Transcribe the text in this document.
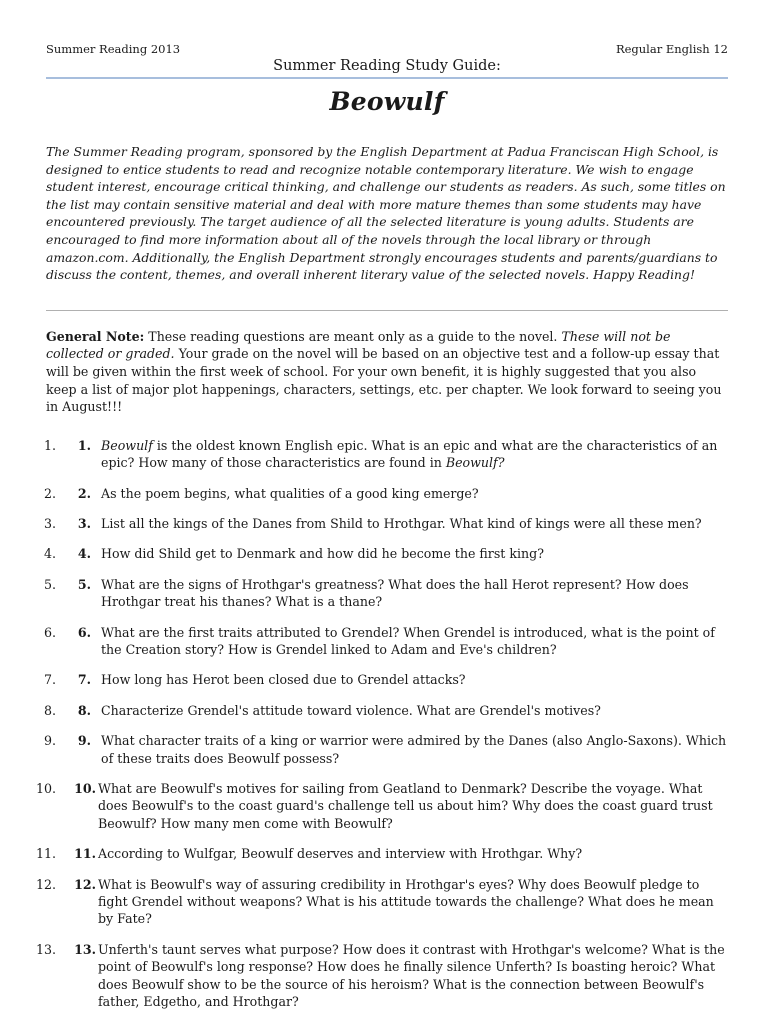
Summer Reading 2013	Regular English 12
Summer Reading Study Guide:
Beowulf

The Summer Reading program, sponsored by the English Department at Padua Franciscan High School, is designed to entice students to read and recognize notable contemporary literature. We wish to engage student interest, encourage critical thinking, and challenge our students as readers. As such, some titles on the list may contain sensitive material and deal with more mature themes than some students may have encountered previously. The target audience of all the selected literature is young adults. Students are encouraged to find more information about all of the novels through the local library or through amazon.com. Additionally, the English Department strongly encourages students and parents/guardians to discuss the content, themes, and overall inherent literary value of the selected novels. Happy Reading!

General Note: These reading questions are meant only as a guide to the novel. These will not be collected or graded. Your grade on the novel will be based on an objective test and a follow-up essay that will be given within the first week of school. For your own benefit, it is highly suggested that you also keep a list of major plot happenings, characters, settings, etc. per chapter. We look forward to seeing you in August!!!

1. 1. Beowulf is the oldest known English epic. What is an epic and what are the characteristics of an epic? How many of those characteristics are found in Beowulf?
2. 2. As the poem begins, what qualities of a good king emerge?
3. 3. List all the kings of the Danes from Shild to Hrothgar. What kind of kings were all these men?
4. 4. How did Shild get to Denmark and how did he become the first king?
5. 5. What are the signs of Hrothgar's greatness? What does the hall Herot represent? How does Hrothgar treat his thanes? What is a thane?
6. 6. What are the first traits attributed to Grendel? When Grendel is introduced, what is the point of the Creation story? How is Grendel linked to Adam and Eve's children?
7. 7. How long has Herot been closed due to Grendel attacks?
8. 8. Characterize Grendel's attitude toward violence. What are Grendel's motives?
9. 9. What character traits of a king or warrior were admired by the Danes (also Anglo-Saxons). Which of these traits does Beowulf possess?
10. 10. What are Beowulf's motives for sailing from Geatland to Denmark? Describe the voyage. What does Beowulf's to the coast guard's challenge tell us about him? Why does the coast guard trust Beowulf? How many men come with Beowulf?
11. 11. According to Wulfgar, Beowulf deserves and interview with Hrothgar. Why?
12. 12. What is Beowulf's way of assuring credibility in Hrothgar's eyes? Why does Beowulf pledge to fight Grendel without weapons? What is his attitude towards the challenge? What does he mean by Fate?
13. 13. Unferth's taunt serves what purpose? How does it contrast with Hrothgar's welcome? What is the point of Beowulf's long response? How does he finally silence Unferth? Is boasting heroic? What does Beowulf show to be the source of his heroism? What is the connection between Beowulf's father, Edgetho, and Hrothgar?
